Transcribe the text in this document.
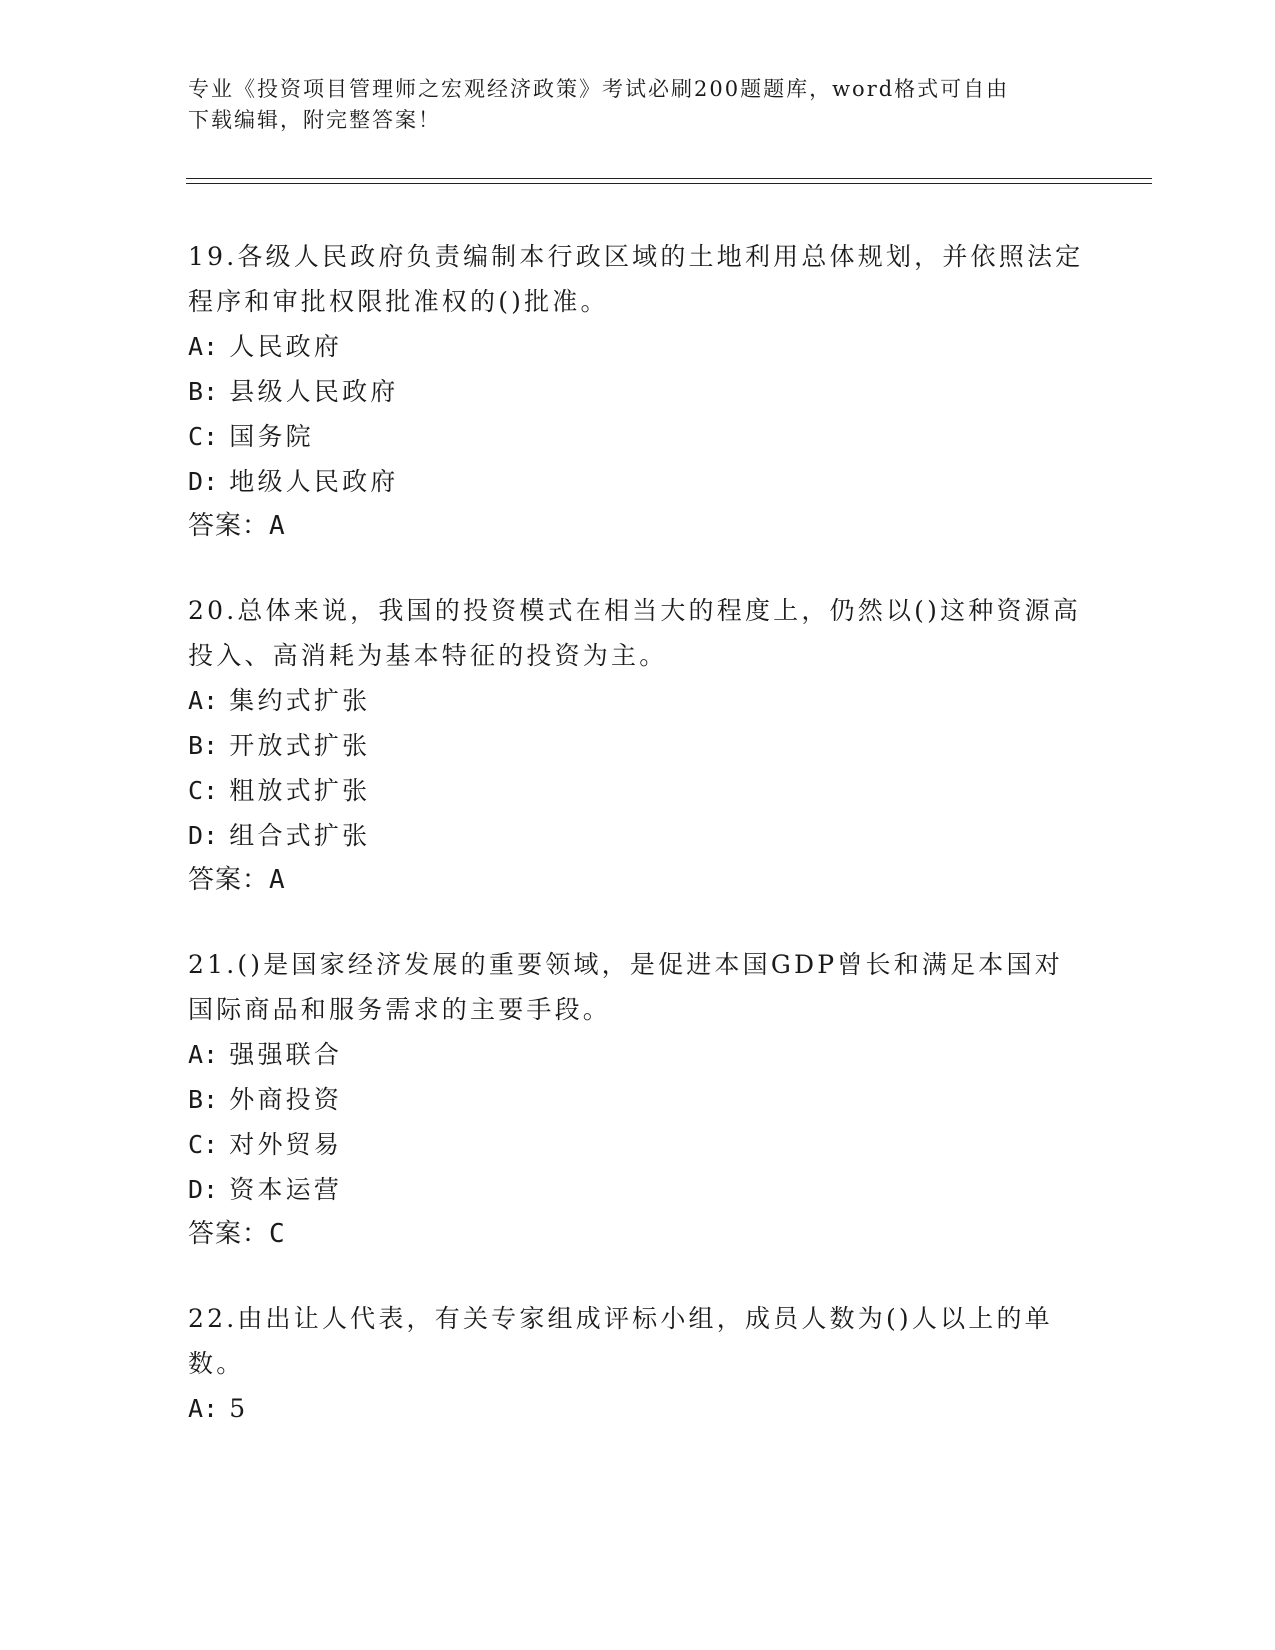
专业《投资项目管理师之宏观经济政策》考试必刷200题题库，word格式可自由
下载编辑，附完整答案！
19.各级人民政府负责编制本行政区域的土地利用总体规划，并依照法定程序和审批权限批准权的()批准。
A: 人民政府
B: 县级人民政府
C: 国务院
D: 地级人民政府
答案：A
20.总体来说，我国的投资模式在相当大的程度上，仍然以()这种资源高投入、高消耗为基本特征的投资为主。
A: 集约式扩张
B: 开放式扩张
C: 粗放式扩张
D: 组合式扩张
答案：A
21.()是国家经济发展的重要领域，是促进本国GDP曾长和满足本国对国际商品和服务需求的主要手段。
A: 强强联合
B: 外商投资
C: 对外贸易
D: 资本运营
答案：C
22.由出让人代表，有关专家组成评标小组，成员人数为()人以上的单数。
A: 5
